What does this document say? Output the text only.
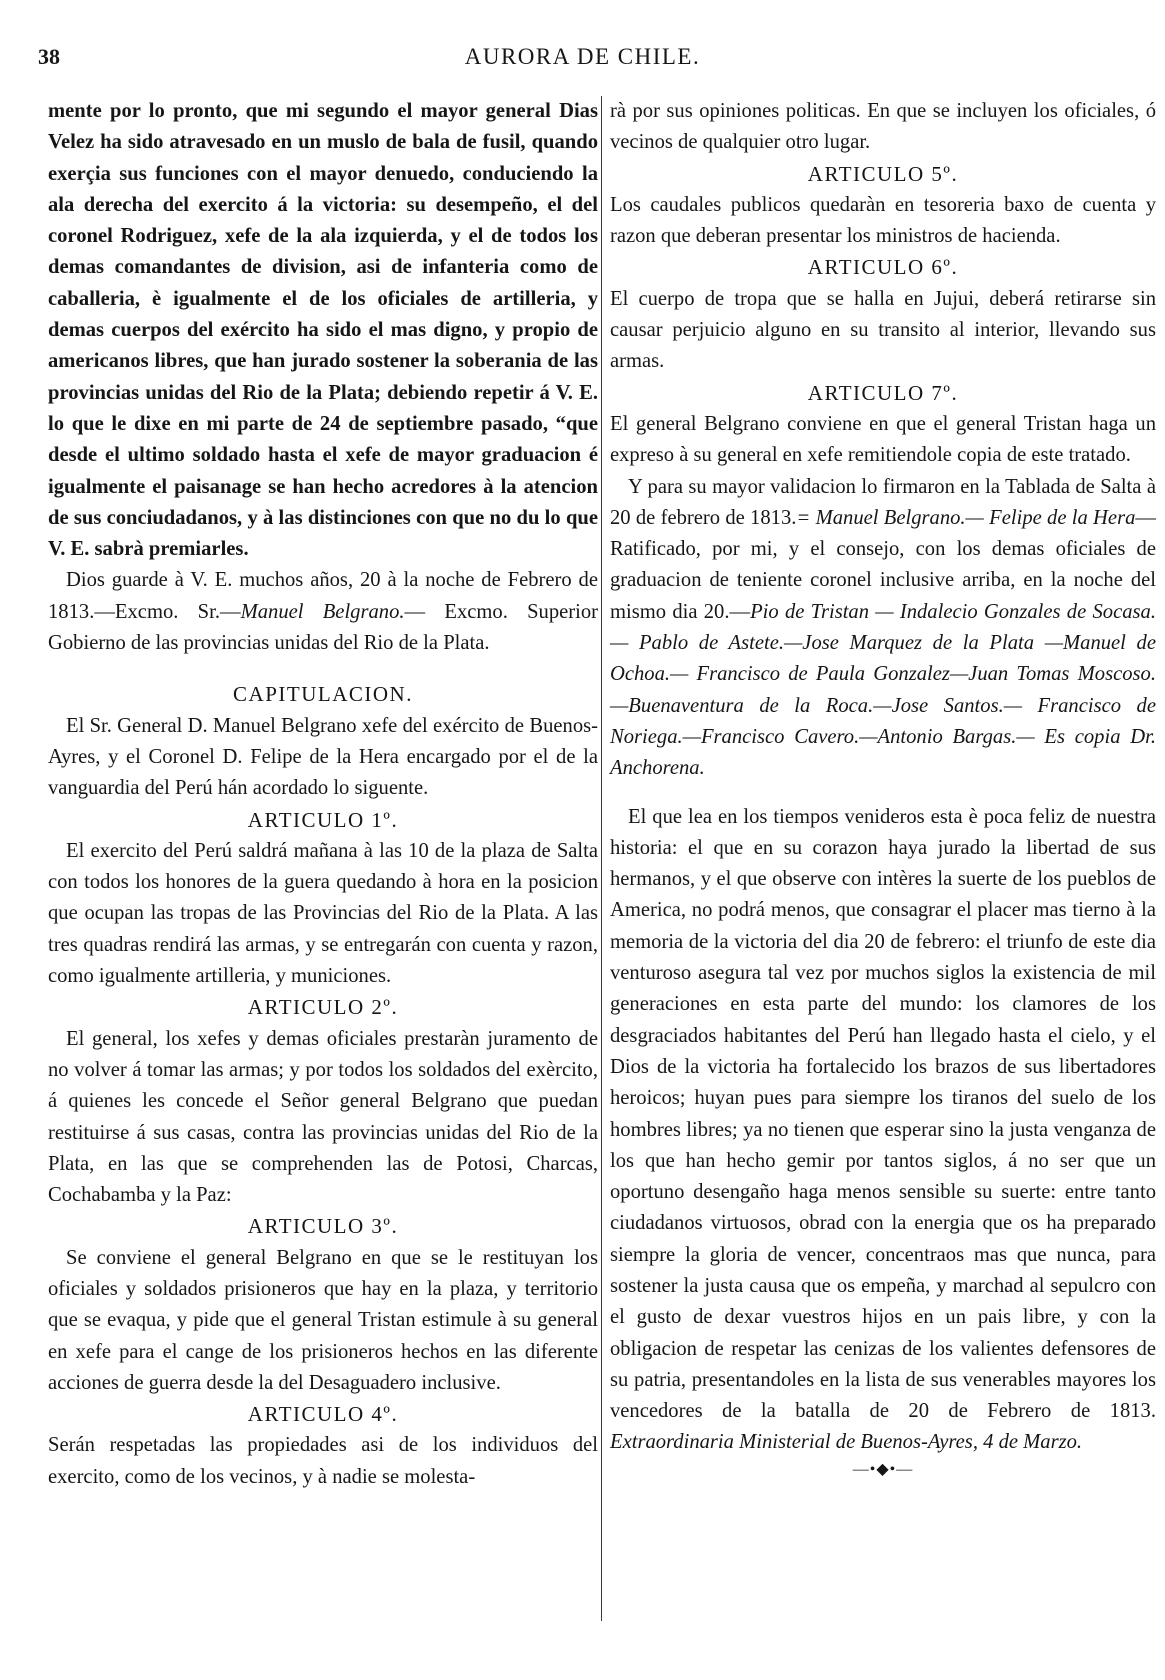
38	AURORA DE CHILE.

mente por lo pronto, que mi segundo el mayor general Dias Velez ha sido atravesado en un muslo de bala de fusil, quando exerçia sus funciones con el mayor denuedo, conduciendo la ala derecha del exercito á la victoria: su desempeño, el del coronel Rodriguez, xefe de la ala izquierda, y el de todos los demas comandantes de division, asi de infanteria como de caballeria, è igualmente el de los oficiales de artilleria, y demas cuerpos del exército ha sido el mas digno, y propio de americanos libres, que han jurado sostener la soberania de las provincias unidas del Rio de la Plata; debiendo repetir á V. E. lo que le dixe en mi parte de 24 de septiembre pasado, “que desde el ultimo soldado hasta el xefe de mayor graduacion é igualmente el paisanage se han hecho acredores à la atencion de sus conciudadanos, y à las distinciones con que no du lo que V. E. sabrà premiarles.

Dios guarde à V. E. muchos años, 20 à la noche de Febrero de 1813.—Excmo. Sr.—Manuel Belgrano.— Excmo. Superior Gobierno de las provincias unidas del Rio de la Plata.

CAPITULACION.

El Sr. General D. Manuel Belgrano xefe del exército de Buenos-Ayres, y el Coronel D. Felipe de la Hera encargado por el de la vanguardia del Perú hán acordado lo siguente.

ARTICULO 1º.

El exercito del Perú saldrá mañana à las 10 de la plaza de Salta con todos los honores de la guera quedando à hora en la posicion que ocupan las tropas de las Provincias del Rio de la Plata. A las tres quadras rendirá las armas, y se entregarán con cuenta y razon, como igualmente artilleria, y municiones.

ARTICULO 2º.

El general, los xefes y demas oficiales prestaràn juramento de no volver á tomar las armas; y por todos los soldados del exèrcito, á quienes les concede el Señor general Belgrano que puedan restituirse á sus casas, contra las provincias unidas del Rio de la Plata, en las que se comprehenden las de Potosi, Charcas, Cochabamba y la Paz:

ARTICULO 3º.

Se conviene el general Belgrano en que se le restituyan los oficiales y soldados prisioneros que hay en la plaza, y territorio que se evaqua, y pide que el general Tristan estimule à su general en xefe para el cange de los prisioneros hechos en las diferente acciones de guerra desde la del Desaguadero inclusive.

ARTICULO 4º.

Serán respetadas las propiedades asi de los individuos del exercito, como de los vecinos, y à nadie se molesta-

rà por sus opiniones politicas. En que se incluyen los oficiales, ó vecinos de qualquier otro lugar.

ARTICULO 5º.

Los caudales publicos quedaràn en tesoreria baxo de cuenta y razon que deberan presentar los ministros de hacienda.

ARTICULO 6º.

El cuerpo de tropa que se halla en Jujui, deberá retirarse sin causar perjuicio alguno en su transito al interior, llevando sus armas.

ARTICULO 7º.

El general Belgrano conviene en que el general Tristan haga un expreso à su general en xefe remitiendole copia de este tratado.

Y para su mayor validacion lo firmaron en la Tablada de Salta à 20 de febrero de 1813.= Manuel Belgrano.— Felipe de la Hera—Ratificado, por mi, y el consejo, con los demas oficiales de graduacion de teniente coronel inclusive arriba, en la noche del mismo dia 20.—Pio de Tristan — Indalecio Gonzales de Socasa.— Pablo de Astete.—Jose Marquez de la Plata —Manuel de Ochoa.— Francisco de Paula Gonzalez—Juan Tomas Moscoso.—Buenaventura de la Roca.—Jose Santos.— Francisco de Noriega.—Francisco Cavero.—Antonio Bargas.— Es copia Dr. Anchorena.

El que lea en los tiempos venideros esta è poca feliz de nuestra historia: el que en su corazon haya jurado la libertad de sus hermanos, y el que observe con intères la suerte de los pueblos de America, no podrá menos, que consagrar el placer mas tierno à la memoria de la victoria del dia 20 de febrero: el triunfo de este dia venturoso asegura tal vez por muchos siglos la existencia de mil generaciones en esta parte del mundo: los clamores de los desgraciados habitantes del Perú han llegado hasta el cielo, y el Dios de la victoria ha fortalecido los brazos de sus libertadores heroicos; huyan pues para siempre los tiranos del suelo de los hombres libres; ya no tienen que esperar sino la justa venganza de los que han hecho gemir por tantos siglos, á no ser que un oportuno desengaño haga menos sensible su suerte: entre tanto ciudadanos virtuosos, obrad con la energia que os ha preparado siempre la gloria de vencer, concentraos mas que nunca, para sostener la justa causa que os empeña, y marchad al sepulcro con el gusto de dexar vuestros hijos en un pais libre, y con la obligacion de respetar las cenizas de los valientes defensores de su patria, presentandoles en la lista de sus venerables mayores los vencedores de la batalla de 20 de Febrero de 1813. Extraordinaria Ministerial de Buenos-Ayres, 4 de Marzo.

—•◆•—
